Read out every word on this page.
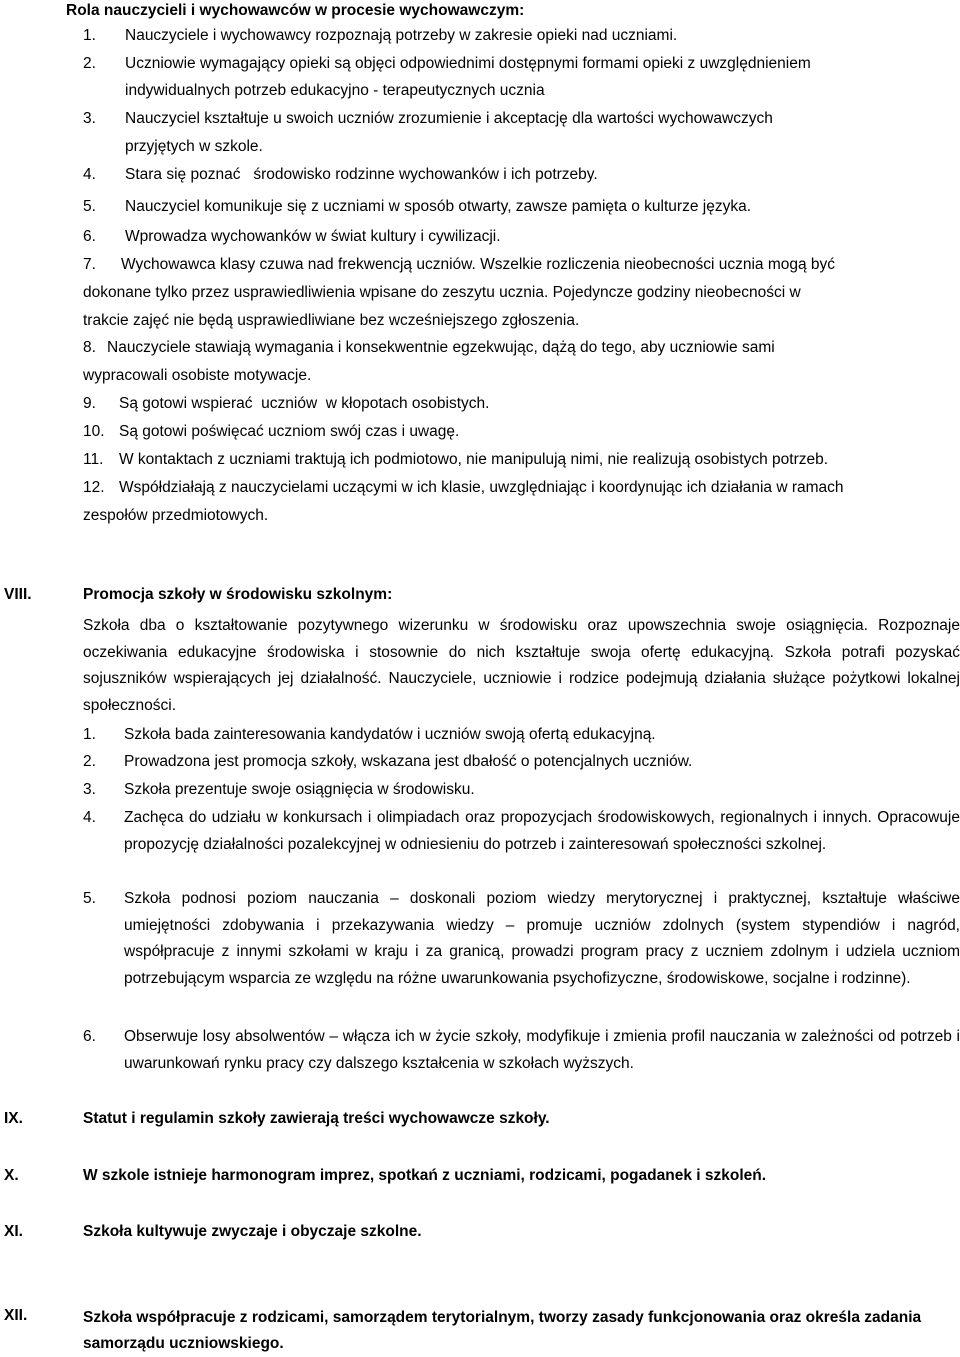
Rola nauczycieli i wychowawców w procesie wychowawczym:
1. Nauczyciele i wychowawcy rozpoznają potrzeby w zakresie opieki nad uczniami.
2. Uczniowie wymagający opieki są objęci odpowiednimi dostępnymi formami opieki z uwzględnieniem
indywidualnych potrzeb edukacyjno - terapeutycznych ucznia
3. Nauczyciel kształtuje u swoich uczniów zrozumienie i akceptację dla wartości wychowawczych
przyjętych w szkole.
4. Stara się poznać   środowisko rodzinne wychowanków i ich potrzeby.
5. Nauczyciel komunikuje się z uczniami w sposób otwarty, zawsze pamięta o kulturze języka.
6. Wprowadza wychowanków w świat kultury i cywilizacji.
7. Wychowawca klasy czuwa nad frekwencją uczniów. Wszelkie rozliczenia nieobecności ucznia mogą być
dokonane tylko przez usprawiedliwienia wpisane do zeszytu ucznia. Pojedyncze godziny nieobecności w
trakcie zajęć nie będą usprawiedliwiane bez wcześniejszego zgłoszenia.
8. Nauczyciele stawiają wymagania i konsekwentnie egzekwując, dążą do tego, aby uczniowie sami
wypracowali osobiste motywacje.
9. Są gotowi wspierać  uczniów  w kłopotach osobistych.
10. Są gotowi poświęcać uczniom swój czas i uwagę.
11. W kontaktach z uczniami traktują ich podmiotowo, nie manipulują nimi, nie realizują osobistych potrzeb.
12. Współdziałają z nauczycielami uczącymi w ich klasie, uwzględniając i koordynując ich działania w ramach
zespołów przedmiotowych.
VIII.	Promocja szkoły w środowisku szkolnym:
Szkoła dba o kształtowanie pozytywnego wizerunku w środowisku oraz upowszechnia swoje osiągnięcia. Rozpoznaje oczekiwania edukacyjne środowiska i stosownie do nich kształtuje swoja ofertę edukacyjną. Szkoła potrafi pozyskać sojuszników wspierających jej działalność. Nauczyciele, uczniowie i rodzice podejmują działania służące pożytkowi lokalnej społeczności.
1. Szkoła bada zainteresowania kandydatów i uczniów swoją ofertą edukacyjną.
2. Prowadzona jest promocja szkoły, wskazana jest dbałość o potencjalnych uczniów.
3. Szkoła prezentuje swoje osiągnięcia w środowisku.
4. Zachęca do udziału w konkursach i olimpiadach oraz propozycjach środowiskowych, regionalnych i innych. Opracowuje propozycję działalności pozalekcyjnej w odniesieniu do potrzeb i zainteresowań społeczności szkolnej.
5. Szkoła podnosi poziom nauczania – doskonali poziom wiedzy merytorycznej i praktycznej, kształtuje właściwe umiejętności zdobywania i przekazywania wiedzy – promuje uczniów zdolnych (system stypendiów i nagród, współpracuje z innymi szkołami w kraju i za granicą, prowadzi program pracy z uczniem zdolnym i udziela uczniom potrzebującym wsparcia ze względu na różne uwarunkowania psychofizyczne, środowiskowe, socjalne i rodzinne).
6. Obserwuje losy absolwentów – włącza ich w życie szkoły, modyfikuje i zmienia profil nauczania w zależności od potrzeb i uwarunkowań rynku pracy czy dalszego kształcenia w szkołach wyższych.
IX.	Statut i regulamin szkoły zawierają treści wychowawcze szkoły.
X.	W szkole istnieje harmonogram imprez, spotkań z uczniami, rodzicami, pogadanek i szkoleń.
XI.	Szkoła kultywuje zwyczaje i obyczaje szkolne.
XII.	Szkoła współpracuje z rodzicami, samorządem terytorialnym, tworzy zasady funkcjonowania oraz określa zadania samorządu uczniowskiego.
